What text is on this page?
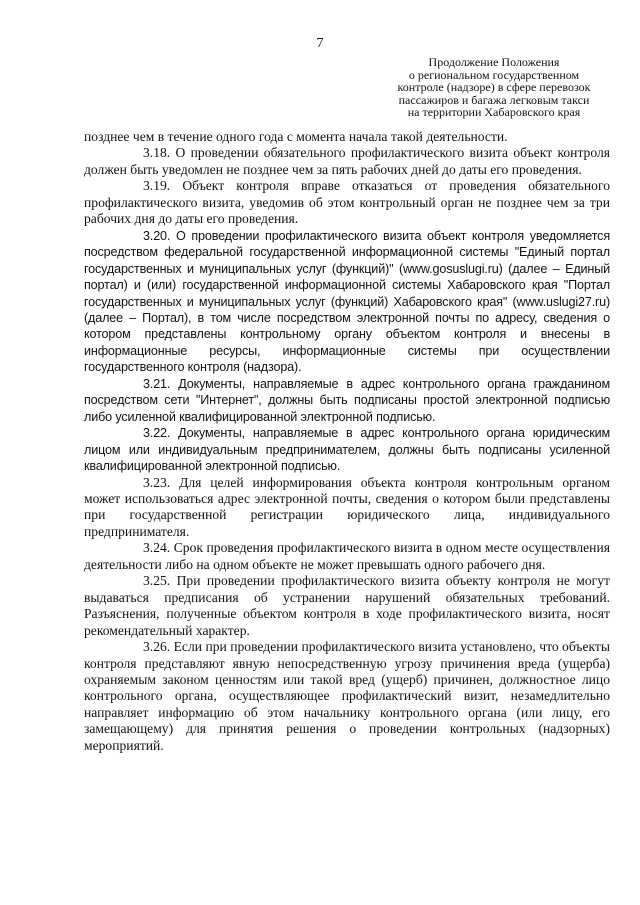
7
Продолжение Положения
о региональном государственном
контроле (надзоре) в сфере перевозок
пассажиров и багажа легковым такси
на территории Хабаровского края

позднее чем в течение одного года с момента начала такой деятельности.

3.18. О проведении обязательного профилактического визита объект контроля должен быть уведомлен не позднее чем за пять рабочих дней до даты его проведения.

3.19. Объект контроля вправе отказаться от проведения обязательного профилактического визита, уведомив об этом контрольный орган не позднее чем за три рабочих дня до даты его проведения.

3.20. О проведении профилактического визита объект контроля уведомляется посредством федеральной государственной информационной системы "Единый портал государственных и муниципальных услуг (функций)" (www.gosuslugi.ru) (далее – Единый портал) и (или) государственной информационной системы Хабаровского края "Портал государственных и муниципальных услуг (функций) Хабаровского края" (www.uslugi27.ru) (далее – Портал), в том числе посредством электронной почты по адресу, сведения о котором представлены контрольному органу объектом контроля и внесены в информационные ресурсы, информационные системы при осуществлении государственного контроля (надзора).

3.21. Документы, направляемые в адрес контрольного органа гражданином посредством сети "Интернет", должны быть подписаны простой электронной подписью либо усиленной квалифицированной электронной подписью.

3.22. Документы, направляемые в адрес контрольного органа юридическим лицом или индивидуальным предпринимателем, должны быть подписаны усиленной квалифицированной электронной подписью.

3.23. Для целей информирования объекта контроля контрольным органом может использоваться адрес электронной почты, сведения о котором были представлены при государственной регистрации юридического лица, индивидуального предпринимателя.

3.24. Срок проведения профилактического визита в одном месте осуществления деятельности либо на одном объекте не может превышать одного рабочего дня.

3.25. При проведении профилактического визита объекту контроля не могут выдаваться предписания об устранении нарушений обязательных требований. Разъяснения, полученные объектом контроля в ходе профилактического визита, носят рекомендательный характер.

3.26. Если при проведении профилактического визита установлено, что объекты контроля представляют явную непосредственную угрозу причинения вреда (ущерба) охраняемым законом ценностям или такой вред (ущерб) причинен, должностное лицо контрольного органа, осуществляющее профилактический визит, незамедлительно направляет информацию об этом начальнику контрольного органа (или лицу, его замещающему) для принятия решения о проведении контрольных (надзорных) мероприятий.
